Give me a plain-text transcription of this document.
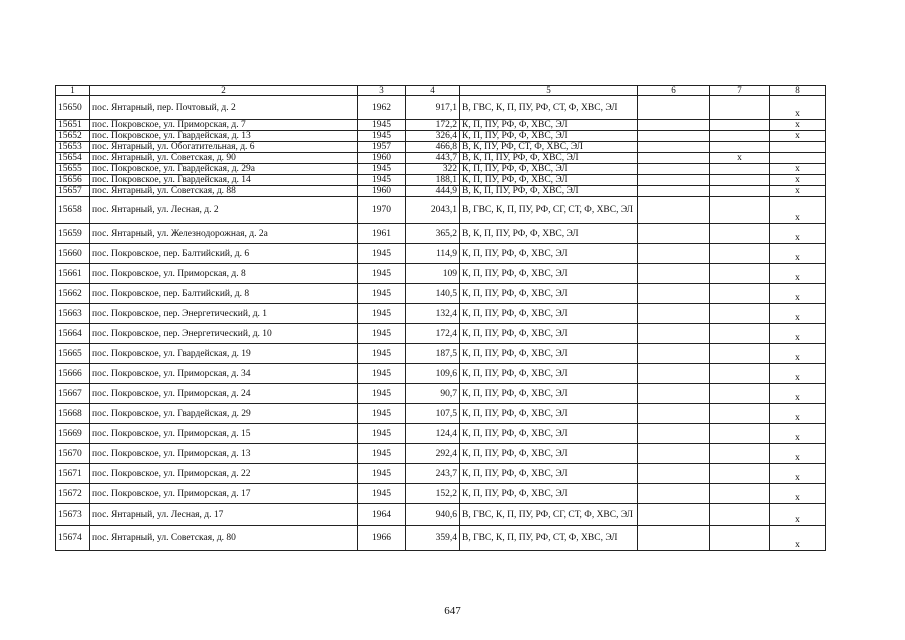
1	2	3	4	5	6	7	8
15650	пос. Янтарный, пер. Почтовый, д. 2	1962	917,1	В, ГВС, К, П, ПУ, РФ, СТ, Ф, ХВС, ЭЛ			x
15651	пос. Покровское, ул. Приморская, д. 7	1945	172,2	К, П, ПУ, РФ, Ф, ХВС, ЭЛ			x
15652	пос. Покровское, ул. Гвардейская, д. 13	1945	326,4	К, П, ПУ, РФ, Ф, ХВС, ЭЛ			x
15653	пос. Янтарный, ул. Обогатительная, д. 6	1957	466,8	В, К, ПУ, РФ, СТ, Ф, ХВС, ЭЛ			
15654	пос. Янтарный, ул. Советская, д. 90	1960	443,7	В, К, П, ПУ, РФ, Ф, ХВС, ЭЛ		x	
15655	пос. Покровское, ул. Гвардейская, д. 29а	1945	322	К, П, ПУ, РФ, Ф, ХВС, ЭЛ			x
15656	пос. Покровское, ул. Гвардейская, д. 14	1945	188,1	К, П, ПУ, РФ, Ф, ХВС, ЭЛ			x
15657	пос. Янтарный, ул. Советская, д. 88	1960	444,9	В, К, П, ПУ, РФ, Ф, ХВС, ЭЛ			x
15658	пос. Янтарный, ул. Лесная, д. 2	1970	2043,1	В, ГВС, К, П, ПУ, РФ, СГ, СТ, Ф, ХВС, ЭЛ			x
15659	пос. Янтарный, ул. Железнодорожная, д. 2а	1961	365,2	В, К, П, ПУ, РФ, Ф, ХВС, ЭЛ			x
15660	пос. Покровское, пер. Балтийский, д. 6	1945	114,9	К, П, ПУ, РФ, Ф, ХВС, ЭЛ			x
15661	пос. Покровское, ул. Приморская, д. 8	1945	109	К, П, ПУ, РФ, Ф, ХВС, ЭЛ			x
15662	пос. Покровское, пер. Балтийский, д. 8	1945	140,5	К, П, ПУ, РФ, Ф, ХВС, ЭЛ			x
15663	пос. Покровское, пер. Энергетический, д. 1	1945	132,4	К, П, ПУ, РФ, Ф, ХВС, ЭЛ			x
15664	пос. Покровское, пер. Энергетический, д. 10	1945	172,4	К, П, ПУ, РФ, Ф, ХВС, ЭЛ			x
15665	пос. Покровское, ул. Гвардейская, д. 19	1945	187,5	К, П, ПУ, РФ, Ф, ХВС, ЭЛ			x
15666	пос. Покровское, ул. Приморская, д. 34	1945	109,6	К, П, ПУ, РФ, Ф, ХВС, ЭЛ			x
15667	пос. Покровское, ул. Приморская, д. 24	1945	90,7	К, П, ПУ, РФ, Ф, ХВС, ЭЛ			x
15668	пос. Покровское, ул. Гвардейская, д. 29	1945	107,5	К, П, ПУ, РФ, Ф, ХВС, ЭЛ			x
15669	пос. Покровское, ул. Приморская, д. 15	1945	124,4	К, П, ПУ, РФ, Ф, ХВС, ЭЛ			x
15670	пос. Покровское, ул. Приморская, д. 13	1945	292,4	К, П, ПУ, РФ, Ф, ХВС, ЭЛ			x
15671	пос. Покровское, ул. Приморская, д. 22	1945	243,7	К, П, ПУ, РФ, Ф, ХВС, ЭЛ			x
15672	пос. Покровское, ул. Приморская, д. 17	1945	152,2	К, П, ПУ, РФ, Ф, ХВС, ЭЛ			x
15673	пос. Янтарный, ул. Лесная, д. 17	1964	940,6	В, ГВС, К, П, ПУ, РФ, СГ, СТ, Ф, ХВС, ЭЛ			x
15674	пос. Янтарный, ул. Советская, д. 80	1966	359,4	В, ГВС, К, П, ПУ, РФ, СТ, Ф, ХВС, ЭЛ			x
647
